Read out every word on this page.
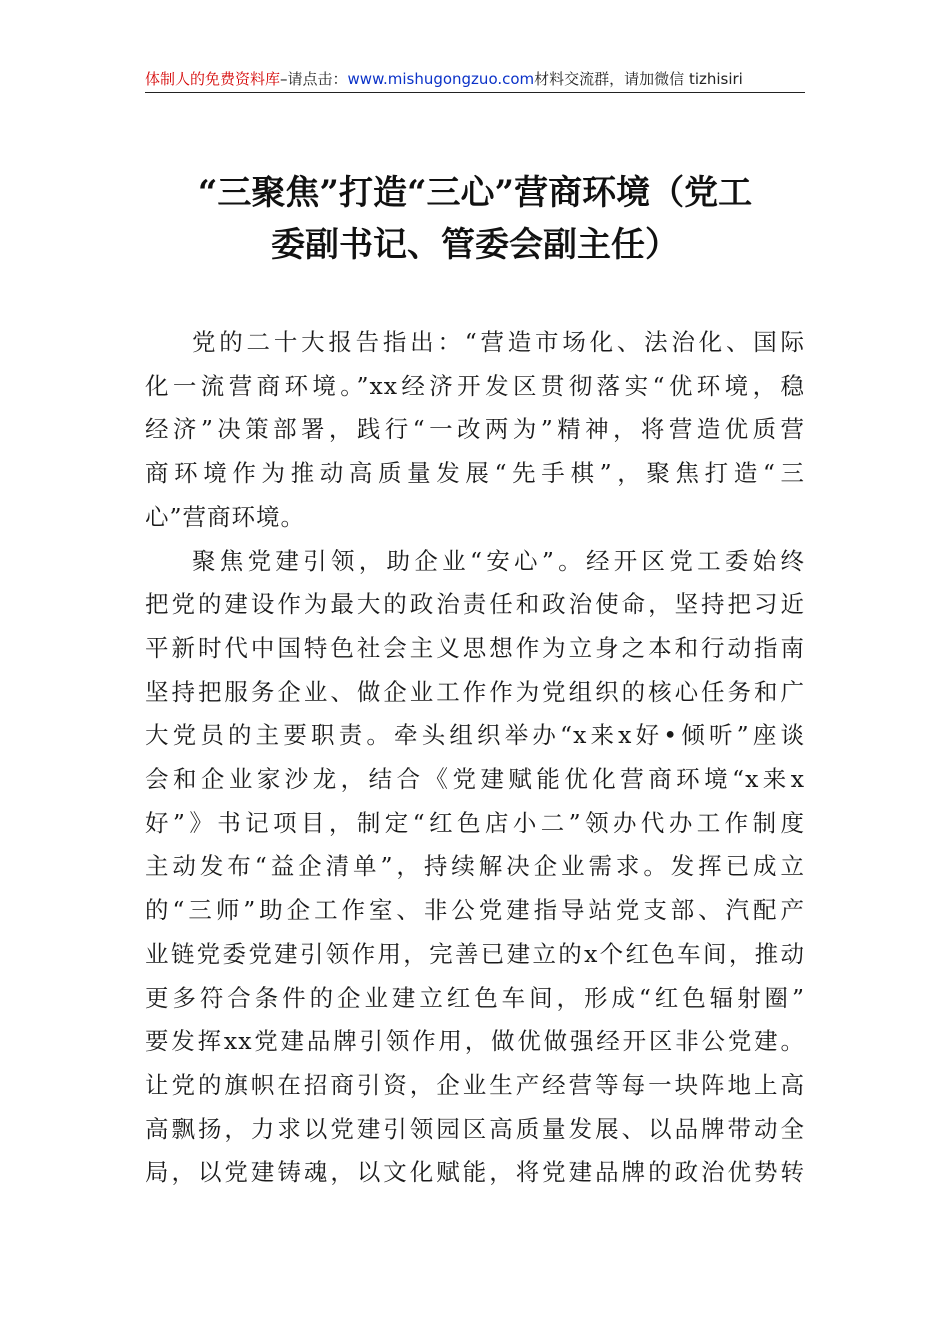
体制人的免费资料库–请点击：www.mishugongzuo.com材料交流群，请加微信 tizhisiri
“三聚焦”打造“三心”营商环境（党工
委副书记、管委会副主任）
党的二十大报告指出：“营造市场化、法治化、国际
化一流营商环境。”xx经济开发区贯彻落实“优环境，稳
经济”决策部署，践行“一改两为”精神，将营造优质营
商环境作为推动高质量发展“先手棋”，聚焦打造“三
心”营商环境。
聚焦党建引领，助企业“安心”。经开区党工委始终
把党的建设作为最大的政治责任和政治使命，坚持把习近
平新时代中国特色社会主义思想作为立身之本和行动指南
坚持把服务企业、做企业工作作为党组织的核心任务和广
大党员的主要职责。牵头组织举办“x来x好•倾听”座谈
会和企业家沙龙，结合《党建赋能优化营商环境“x来x
好”》书记项目，制定“红色店小二”领办代办工作制度
主动发布“益企清单”，持续解决企业需求。发挥已成立
的“三师”助企工作室、非公党建指导站党支部、汽配产
业链党委党建引领作用，完善已建立的x个红色车间，推动
更多符合条件的企业建立红色车间，形成“红色辐射圈”
要发挥xx党建品牌引领作用，做优做强经开区非公党建。
让党的旗帜在招商引资，企业生产经营等每一块阵地上高
高飘扬，力求以党建引领园区高质量发展、以品牌带动全
局，以党建铸魂，以文化赋能，将党建品牌的政治优势转
